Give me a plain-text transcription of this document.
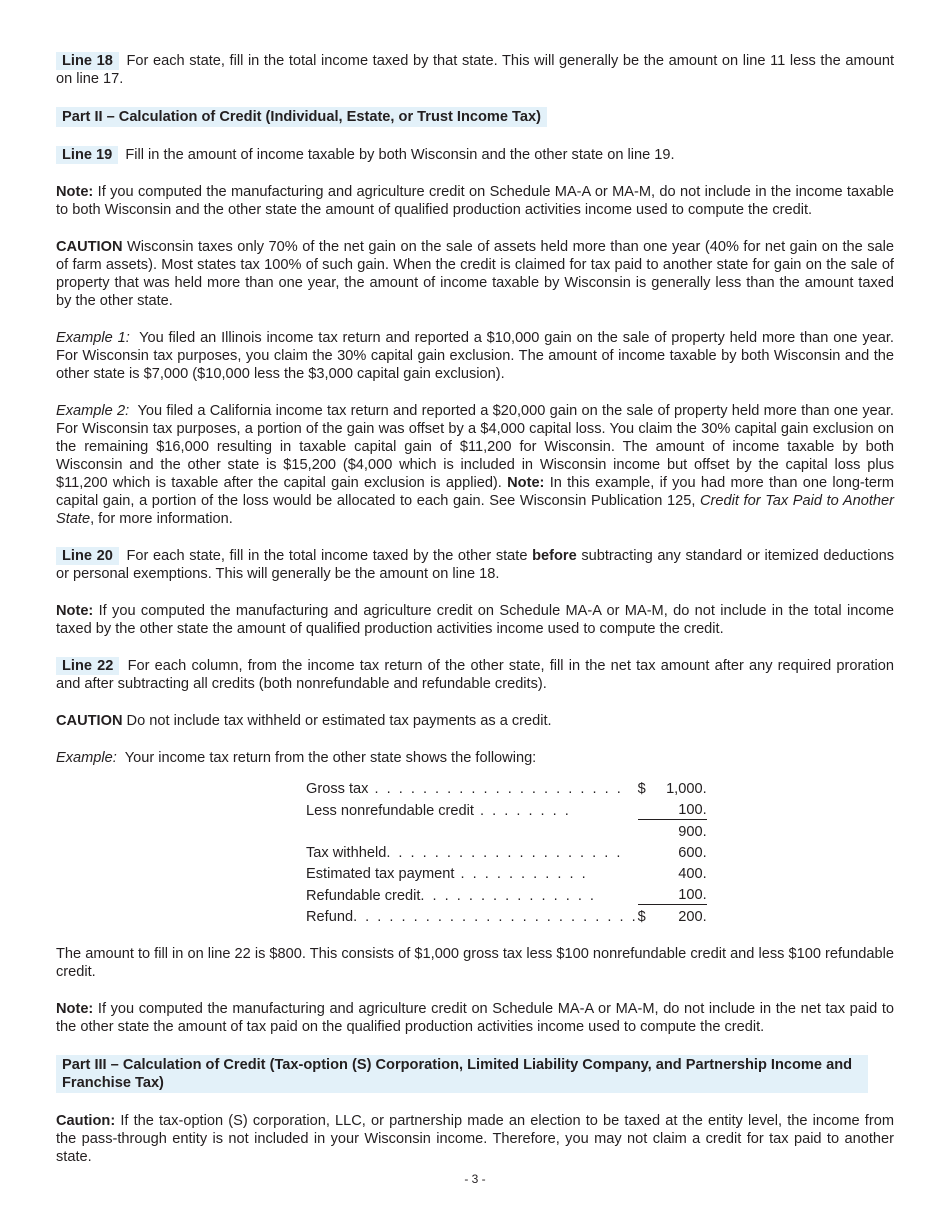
Line 18 For each state, fill in the total income taxed by that state. This will generally be the amount on line 11 less the amount on line 17.

Part II – Calculation of Credit (Individual, Estate, or Trust Income Tax)

Line 19 Fill in the amount of income taxable by both Wisconsin and the other state on line 19.

Note: If you computed the manufacturing and agriculture credit on Schedule MA-A or MA-M, do not include in the income taxable to both Wisconsin and the other state the amount of qualified production activities income used to compute the credit.

CAUTION Wisconsin taxes only 70% of the net gain on the sale of assets held more than one year (40% for net gain on the sale of farm assets). Most states tax 100% of such gain. When the credit is claimed for tax paid to another state for gain on the sale of property that was held more than one year, the amount of income taxable by Wisconsin is generally less than the amount taxed by the other state.

Example 1: You filed an Illinois income tax return and reported a $10,000 gain on the sale of property held more than one year. For Wisconsin tax purposes, you claim the 30% capital gain exclusion. The amount of income taxable by both Wisconsin and the other state is $7,000 ($10,000 less the $3,000 capital gain exclusion).

Example 2: You filed a California income tax return and reported a $20,000 gain on the sale of property held more than one year. For Wisconsin tax purposes, a portion of the gain was offset by a $4,000 capital loss. You claim the 30% capital gain exclusion on the remaining $16,000 resulting in taxable capital gain of $11,200 for Wisconsin. The amount of income taxable by both Wisconsin and the other state is $15,200 ($4,000 which is included in Wisconsin income but offset by the capital loss plus $11,200 which is taxable after the capital gain exclusion is applied). Note: In this example, if you had more than one long-term capital gain, a portion of the loss would be allocated to each gain. See Wisconsin Publication 125, Credit for Tax Paid to Another State, for more information.

Line 20 For each state, fill in the total income taxed by the other state before subtracting any standard or itemized deductions or personal exemptions. This will generally be the amount on line 18.

Note: If you computed the manufacturing and agriculture credit on Schedule MA-A or MA-M, do not include in the total income taxed by the other state the amount of qualified production activities income used to compute the credit.

Line 22 For each column, from the income tax return of the other state, fill in the net tax amount after any required proration and after subtracting all credits (both nonrefundable and refundable credits).

CAUTION Do not include tax withheld or estimated tax payments as a credit.

Example: Your income tax return from the other state shows the following:

Gross tax . . . . . . . . . . . . . . . . . . . . .	$	1,000.
Less nonrefundable credit . . . . . . . .		100.
		900.
Tax withheld. . . . . . . . . . . . . . . . . . . .		600.
Estimated tax payment . . . . . . . . . . .		400.
Refundable credit. . . . . . . . . . . . . . .		100.
Refund. . . . . . . . . . . . . . . . . . . . . . . .	$	200.

The amount to fill in on line 22 is $800. This consists of $1,000 gross tax less $100 nonrefundable credit and less $100 refundable credit.

Note: If you computed the manufacturing and agriculture credit on Schedule MA-A or MA-M, do not include in the net tax paid to the other state the amount of tax paid on the qualified production activities income used to compute the credit.

Part III – Calculation of Credit (Tax-option (S) Corporation, Limited Liability Company, and Partnership Income and Franchise Tax)

Caution: If the tax-option (S) corporation, LLC, or partnership made an election to be taxed at the entity level, the income from the pass-through entity is not included in your Wisconsin income. Therefore, you may not claim a credit for tax paid to another state.

- 3 -
